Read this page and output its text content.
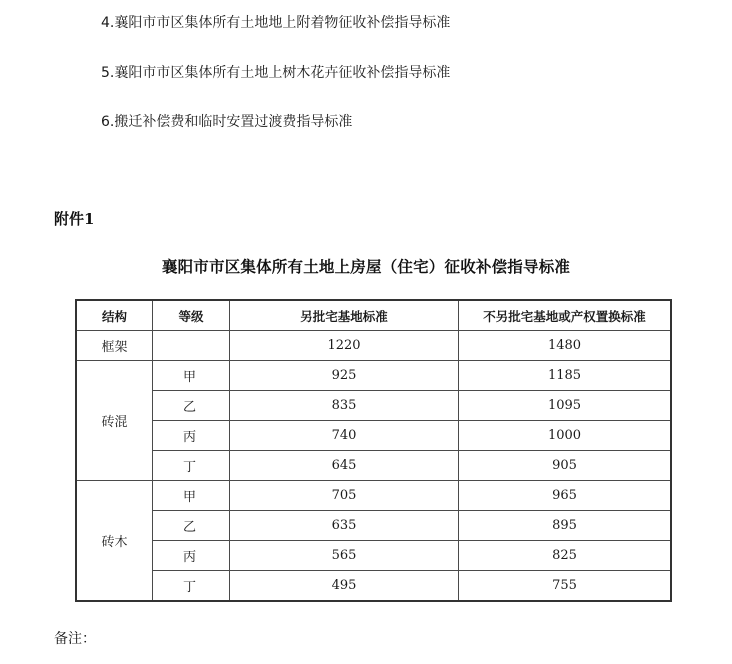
4.襄阳市市区集体所有土地地上附着物征收补偿指导标准
5.襄阳市市区集体所有土地上树木花卉征收补偿指导标准
6.搬迁补偿费和临时安置过渡费指导标准
附件1
襄阳市市区集体所有土地上房屋（住宅）征收补偿指导标准
结构	等级	另批宅基地标准	不另批宅基地或产权置换标准
框架		1220	1480
砖混	甲	925	1185
	乙	835	1095
	丙	740	1000
	丁	645	905
砖木	甲	705	965
	乙	635	895
	丙	565	825
	丁	495	755
备注：
